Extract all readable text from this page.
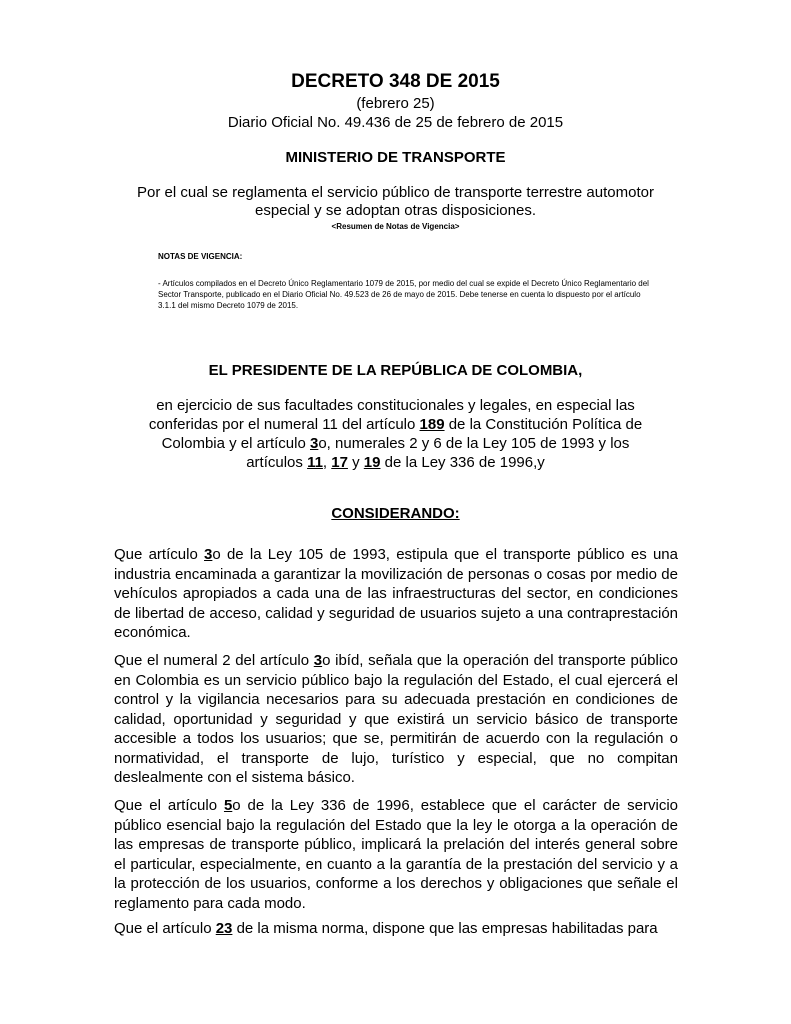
DECRETO 348 DE 2015
(febrero 25)
Diario Oficial No. 49.436 de 25 de febrero de 2015
MINISTERIO DE TRANSPORTE
Por el cual se reglamenta el servicio público de transporte terrestre automotor especial y se adoptan otras disposiciones.
<Resumen de Notas de Vigencia>
NOTAS DE VIGENCIA:
- Artículos compilados en el Decreto Único Reglamentario 1079 de 2015, por medio del cual se expide el Decreto Único Reglamentario del Sector Transporte, publicado en el Diario Oficial No. 49.523 de 26 de mayo de 2015. Debe tenerse en cuenta lo dispuesto por el artículo 3.1.1 del mismo Decreto 1079 de 2015.
EL PRESIDENTE DE LA REPÚBLICA DE COLOMBIA,
en ejercicio de sus facultades constitucionales y legales, en especial las conferidas por el numeral 11 del artículo 189 de la Constitución Política de Colombia y el artículo 3o, numerales 2 y 6 de la Ley 105 de 1993 y los artículos 11, 17 y 19 de la Ley 336 de 1996,y
CONSIDERANDO:
Que artículo 3o de la Ley 105 de 1993, estipula que el transporte público es una industria encaminada a garantizar la movilización de personas o cosas por medio de vehículos apropiados a cada una de las infraestructuras del sector, en condiciones de libertad de acceso, calidad y seguridad de usuarios sujeto a una contraprestación económica.
Que el numeral 2 del artículo 3o ibíd, señala que la operación del transporte público en Colombia es un servicio público bajo la regulación del Estado, el cual ejercerá el control y la vigilancia necesarios para su adecuada prestación en condiciones de calidad, oportunidad y seguridad y que existirá un servicio básico de transporte accesible a todos los usuarios; que se, permitirán de acuerdo con la regulación o normatividad, el transporte de lujo, turístico y especial, que no compitan deslealmente con el sistema básico.
Que el artículo 5o de la Ley 336 de 1996, establece que el carácter de servicio público esencial bajo la regulación del Estado que la ley le otorga a la operación de las empresas de transporte público, implicará la prelación del interés general sobre el particular, especialmente, en cuanto a la garantía de la prestación del servicio y a la protección de los usuarios, conforme a los derechos y obligaciones que señale el reglamento para cada modo.
Que el artículo 23 de la misma norma, dispone que las empresas habilitadas para
